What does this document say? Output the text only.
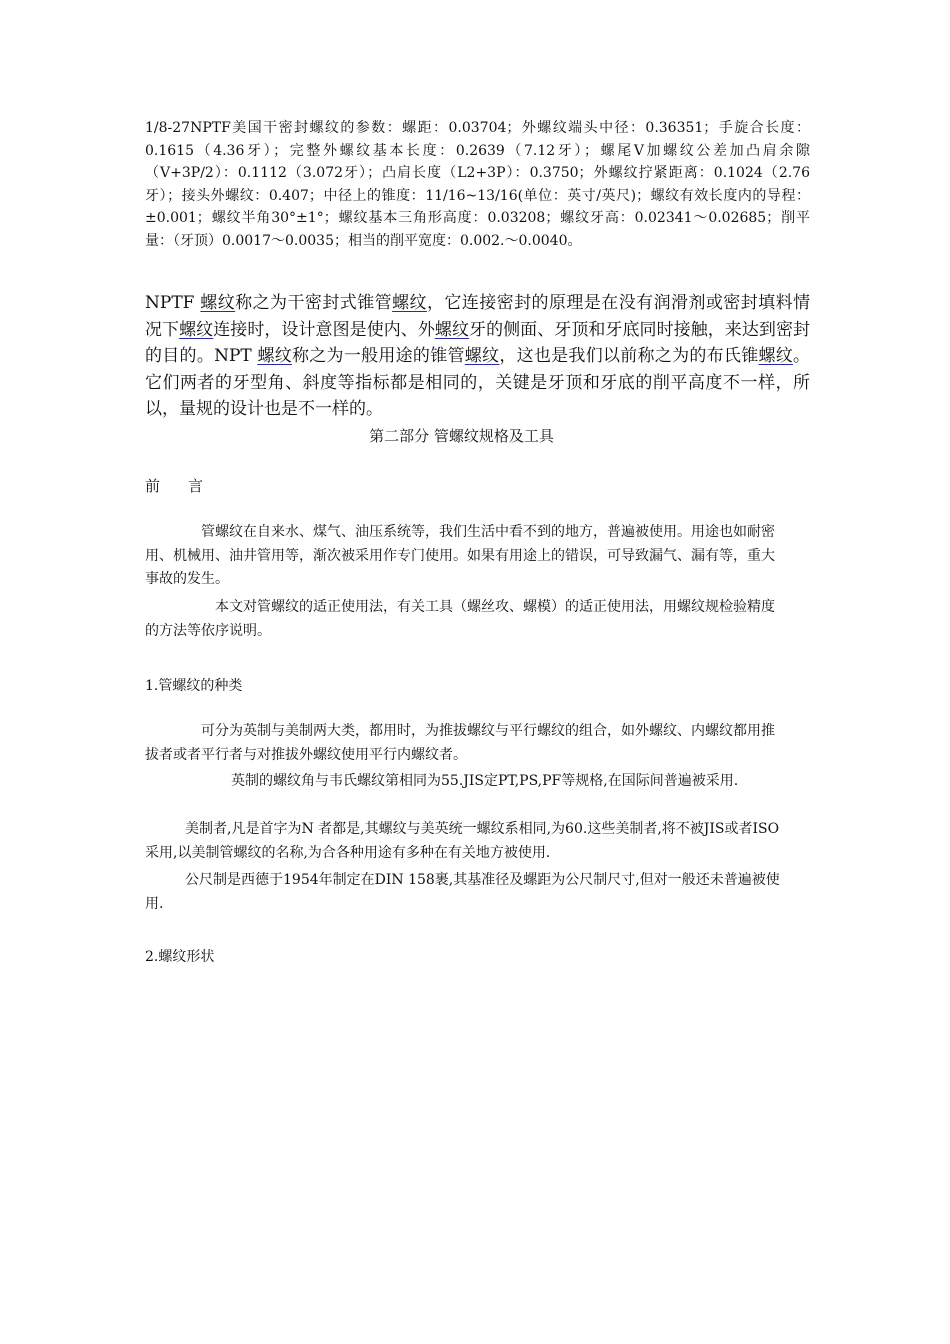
1/8-27NPTF美国干密封螺纹的参数：螺距：0.03704；外螺纹端头中径：0.36351；手旋合长度：0.1615（4.36牙）；完整外螺纹基本长度：0.2639（7.12牙）；螺尾V加螺纹公差加凸肩余隙（V+3P/2）：0.1112（3.072牙）；凸肩长度（L2+3P）：0.3750；外螺纹拧紧距离：0.1024（2.76牙）；接头外螺纹：0.407；中径上的锥度：11/16~13/16(单位：英寸/英尺)；螺纹有效长度内的导程：±0.001；螺纹半角30°±1°；螺纹基本三角形高度：0.03208；螺纹牙高：0.02341～0.02685；削平量：（牙顶）0.0017～0.0035；相当的削平宽度：0.002.～0.0040。
NPTF 螺纹称之为干密封式锥管螺纹，它连接密封的原理是在没有润滑剂或密封填料情况下螺纹连接时，设计意图是使内、外螺纹牙的侧面、牙顶和牙底同时接触，来达到密封的目的。NPT 螺纹称之为一般用途的锥管螺纹，这也是我们以前称之为的布氏锥螺纹。它们两者的牙型角、斜度等指标都是相同的，关键是牙顶和牙底的削平高度不一样，所以，量规的设计也是不一样的。
第二部分 管螺纹规格及工具
前言
管螺纹在自来水、煤气、油压系统等，我们生活中看不到的地方，普遍被使用。用途也如耐密用、机械用、油井管用等，渐次被采用作专门使用。如果有用途上的错误，可导致漏气、漏有等，重大事故的发生。
本文对管螺纹的适正使用法，有关工具（螺丝攻、螺模）的适正使用法，用螺纹规检验精度的方法等依序说明。
1.管螺纹的种类
可分为英制与美制两大类，都用时，为推拔螺纹与平行螺纹的组合，如外螺纹、内螺纹都用推拔者或者平行者与对推拔外螺纹使用平行内螺纹者。
英制的螺纹角与韦氏螺纹第相同为55.JIS定PT,PS,PF等规格,在国际间普遍被采用.
美制者,凡是首字为N 者都是,其螺纹与美英统一螺纹系相同,为60.这些美制者,将不被JIS或者ISO采用,以美制管螺纹的名称,为合各种用途有多种在有关地方被使用.
公尺制是西德于1954年制定在DIN 158裹,其基准径及螺距为公尺制尺寸,但对一般还未普遍被使用.
2.螺纹形状
